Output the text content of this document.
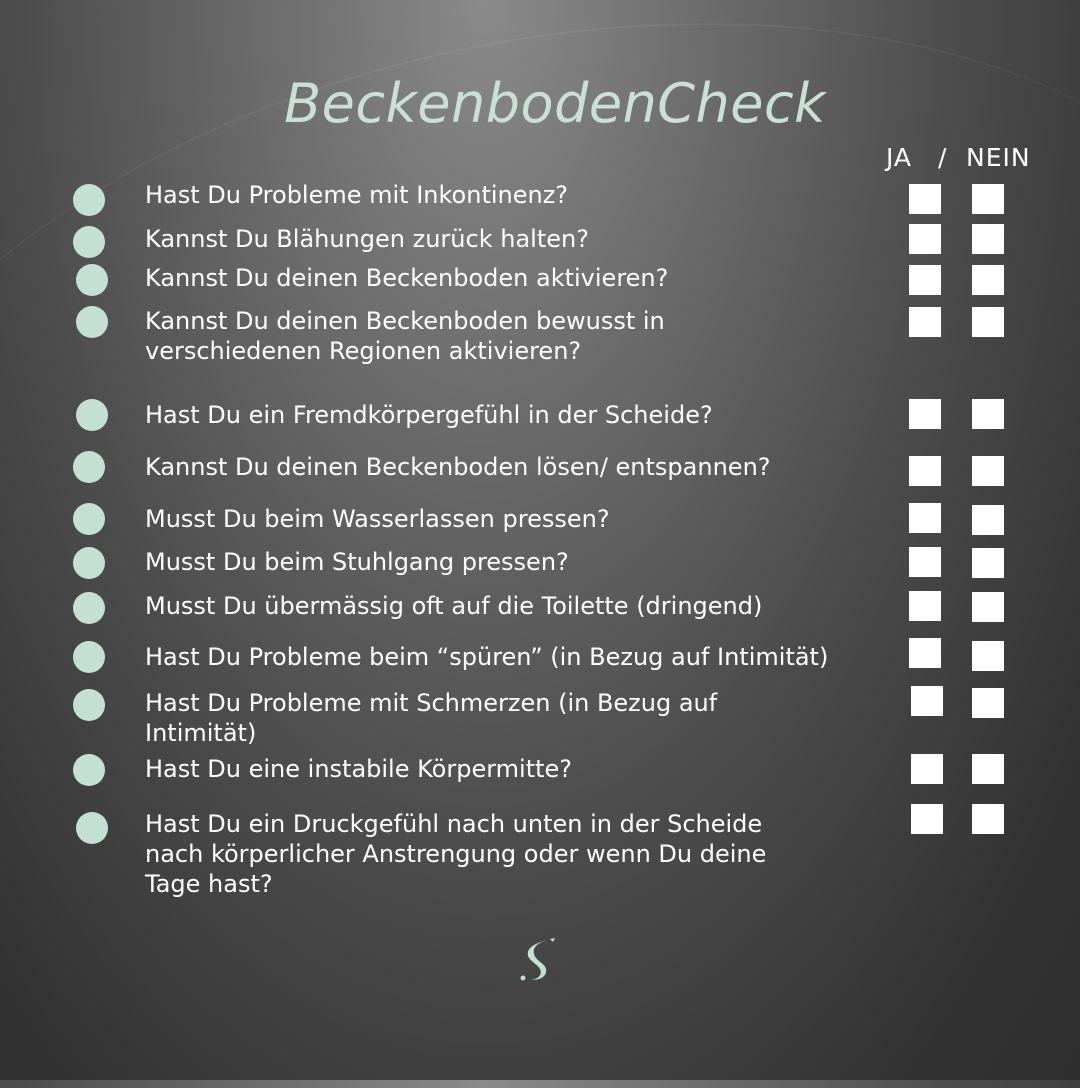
BeckenbodenCheck
JA / NEIN
Hast Du Probleme mit Inkontinenz?
Kannst Du Blähungen zurück halten?
Kannst Du deinen Beckenboden aktivieren?
Kannst Du deinen Beckenboden bewusst in verschiedenen Regionen aktivieren?
Hast Du ein Fremdkörpergefühl in der Scheide?
Kannst Du deinen Beckenboden lösen/ entspannen?
Musst Du beim Wasserlassen pressen?
Musst Du beim Stuhlgang pressen?
Musst Du übermässig oft auf die Toilette (dringend)
Hast Du Probleme beim “spüren” (in Bezug auf Intimität)
Hast Du Probleme mit Schmerzen (in Bezug auf Intimität)
Hast Du eine instabile Körpermitte?
Hast Du ein Druckgefühl nach unten in der Scheide nach körperlicher Anstrengung oder wenn Du deine Tage hast?
